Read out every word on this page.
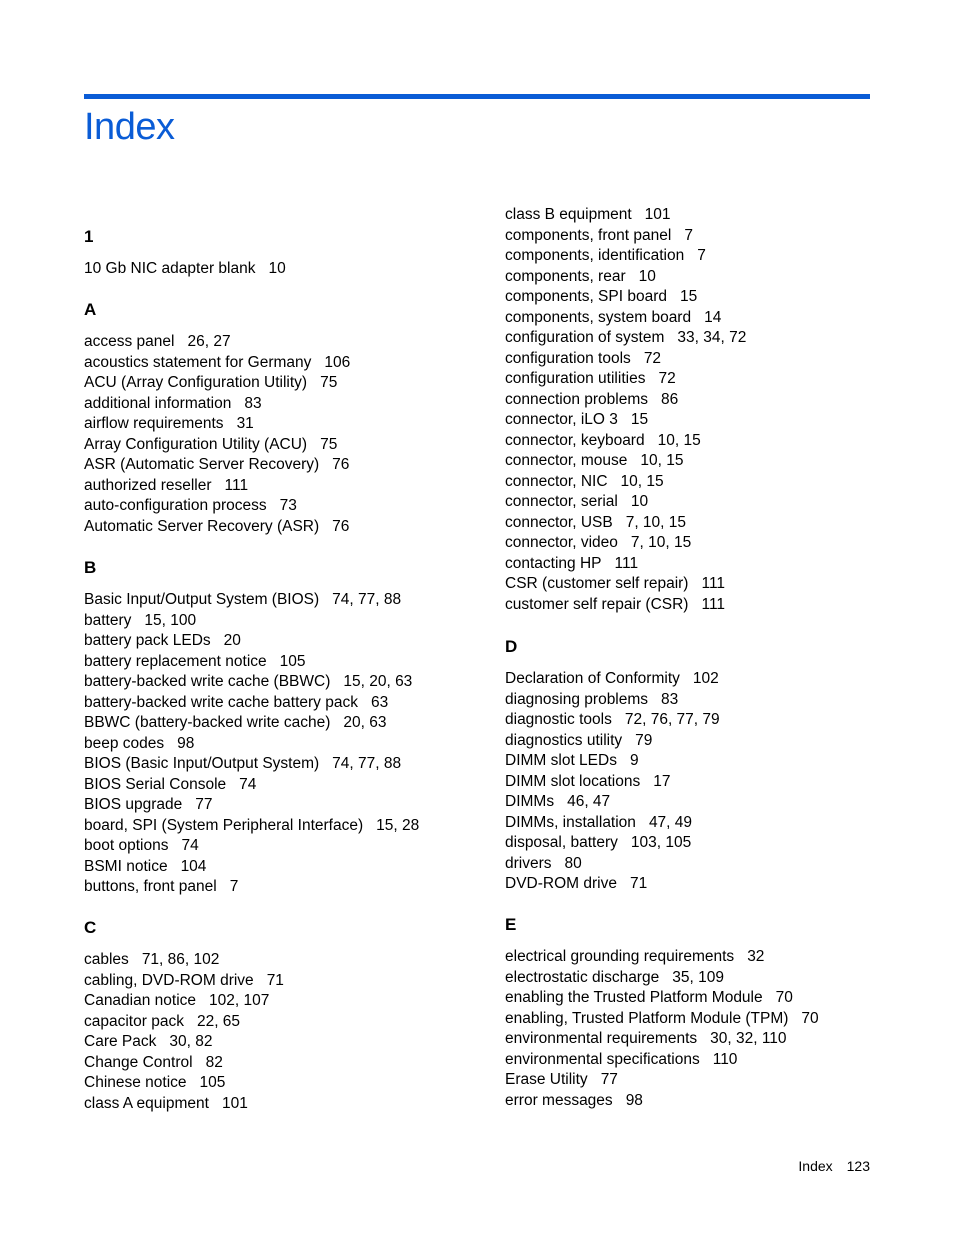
Index
1
10 Gb NIC adapter blank 10
A
access panel 26, 27
acoustics statement for Germany 106
ACU (Array Configuration Utility) 75
additional information 83
airflow requirements 31
Array Configuration Utility (ACU) 75
ASR (Automatic Server Recovery) 76
authorized reseller 111
auto-configuration process 73
Automatic Server Recovery (ASR) 76
B
Basic Input/Output System (BIOS) 74, 77, 88
battery 15, 100
battery pack LEDs 20
battery replacement notice 105
battery-backed write cache (BBWC) 15, 20, 63
battery-backed write cache battery pack 63
BBWC (battery-backed write cache) 20, 63
beep codes 98
BIOS (Basic Input/Output System) 74, 77, 88
BIOS Serial Console 74
BIOS upgrade 77
board, SPI (System Peripheral Interface) 15, 28
boot options 74
BSMI notice 104
buttons, front panel 7
C
cables 71, 86, 102
cabling, DVD-ROM drive 71
Canadian notice 102, 107
capacitor pack 22, 65
Care Pack 30, 82
Change Control 82
Chinese notice 105
class A equipment 101
class B equipment 101
components, front panel 7
components, identification 7
components, rear 10
components, SPI board 15
components, system board 14
configuration of system 33, 34, 72
configuration tools 72
configuration utilities 72
connection problems 86
connector, iLO 3 15
connector, keyboard 10, 15
connector, mouse 10, 15
connector, NIC 10, 15
connector, serial 10
connector, USB 7, 10, 15
connector, video 7, 10, 15
contacting HP 111
CSR (customer self repair) 111
customer self repair (CSR) 111
D
Declaration of Conformity 102
diagnosing problems 83
diagnostic tools 72, 76, 77, 79
diagnostics utility 79
DIMM slot LEDs 9
DIMM slot locations 17
DIMMs 46, 47
DIMMs, installation 47, 49
disposal, battery 103, 105
drivers 80
DVD-ROM drive 71
E
electrical grounding requirements 32
electrostatic discharge 35, 109
enabling the Trusted Platform Module 70
enabling, Trusted Platform Module (TPM) 70
environmental requirements 30, 32, 110
environmental specifications 110
Erase Utility 77
error messages 98
Index 123
